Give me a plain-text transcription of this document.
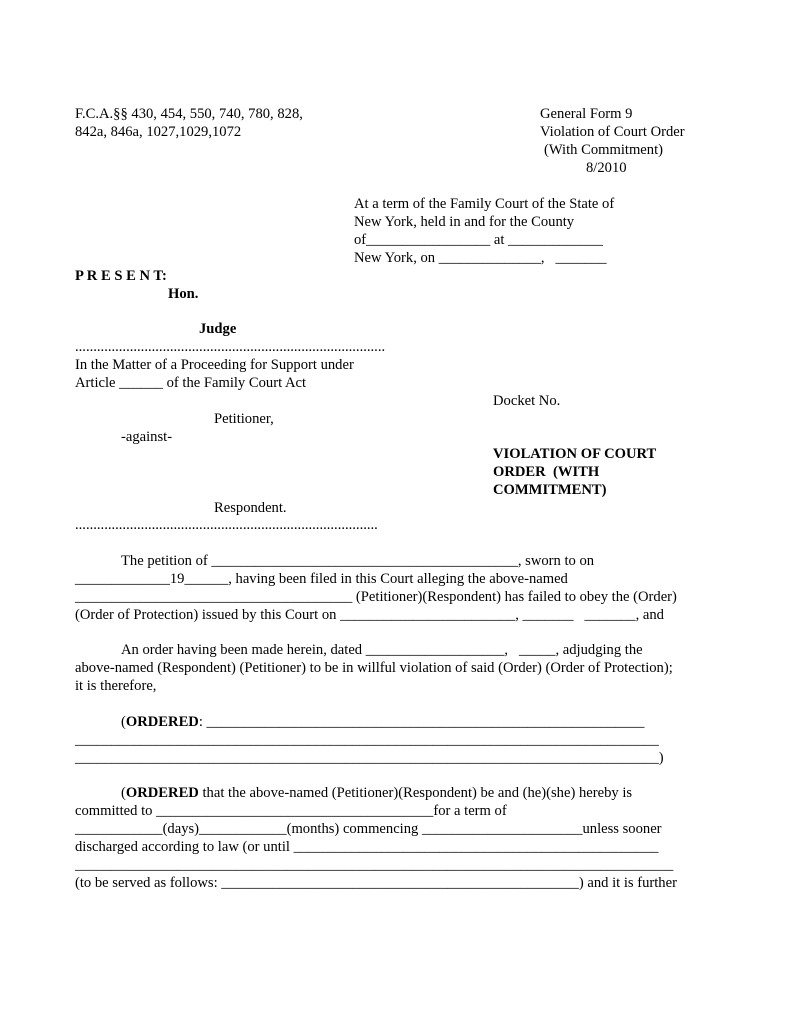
F.C.A.§§ 430, 454, 550, 740, 780, 828,
842a, 846a, 1027,1029,1072
General Form 9
Violation of Court Order
(With Commitment)
8/2010
At a term of the Family Court of the State of
New York, held in and for the County
of_________________ at _____________
New York, on ______________,   _______
P R E S E N T:
Hon.
Judge
.....................................................................................
In the Matter of a Proceeding for Support under
Article ______ of the Family Court Act
Docket No.
Petitioner,
-against-
VIOLATION OF COURT
ORDER  (WITH
COMMITMENT)
Respondent.
...................................................................................
The petition of __________________________________________, sworn to on
_____________19______, having been filed in this Court alleging the above-named
______________________________________ (Petitioner)(Respondent) has failed to obey the (Order)
(Order of Protection) issued by this Court on ________________________, _______   _______, and
An order having been made herein, dated ___________________,   _____, adjudging the
above-named (Respondent) (Petitioner) to be in willful violation of said (Order) (Order of Protection);
it is therefore,
(ORDERED: ____________________________________________________________
________________________________________________________________________________
________________________________________________________________________________)
(ORDERED that the above-named (Petitioner)(Respondent) be and (he)(she) hereby is
committed to ______________________________________for a term of
____________(days)____________(months) commencing ______________________unless sooner
discharged according to law (or until __________________________________________________
__________________________________________________________________________________
(to be served as follows: _________________________________________________) and it is further
